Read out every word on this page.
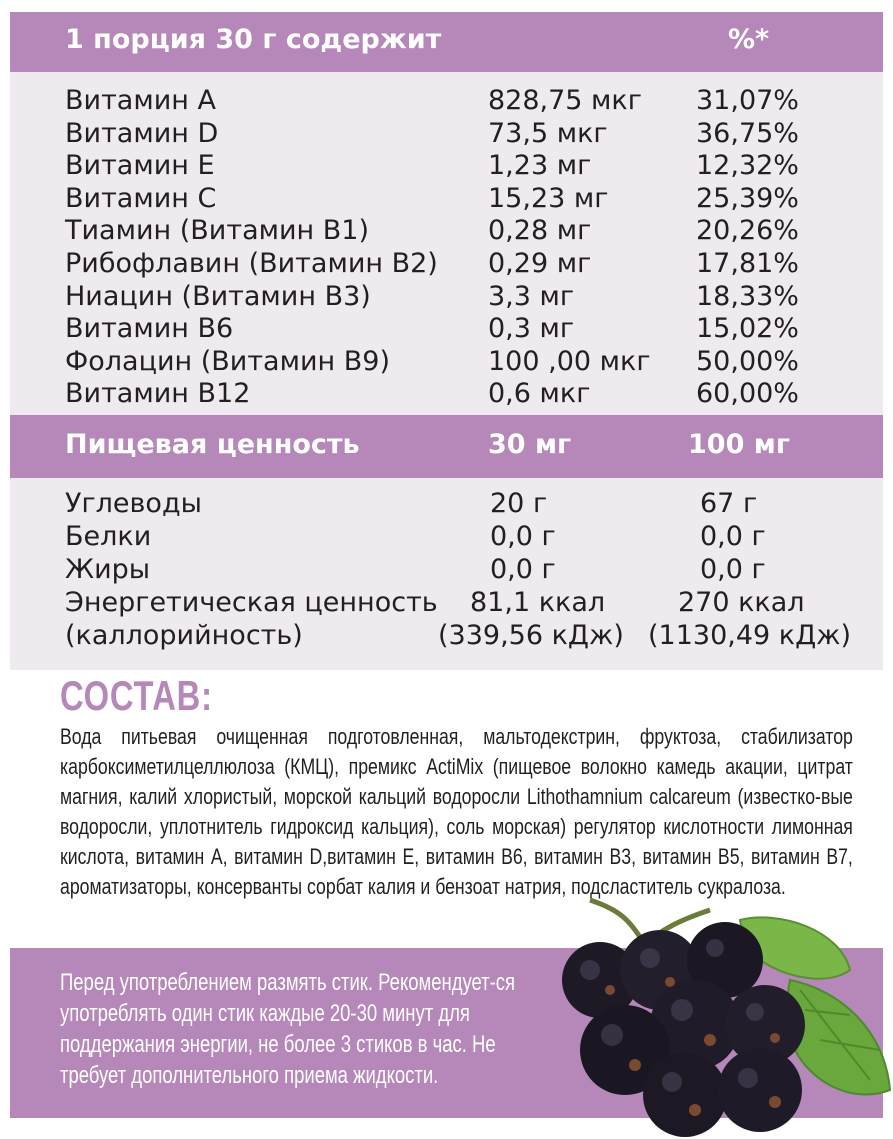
1 порция 30 г содержит	%*
Витамин А	828,75 мкг 31,07%
Витамин D	73,5 мкг	36,75%
Витамин E	1,23 мг	12,32%
Витамин С	15,23 мг	25,39%
Тиамин (Витамин В1)	0,28 мг	20,26%
Рибофлавин (Витамин В2) 0,29 мг	17,81%
Ниацин (Витамин В3)	3,3 мг	18,33%
Витамин В6	0,3 мг	15,02%
Фолацин (Витамин В9)	100 ,00 мкг 50,00%
Витамин В12	0,6 мкг	60,00%
Пищевая ценность	30 мг	100 мг
Углеводы	20 г	67 г
Белки	0,0 г	0,0 г
Жиры	0,0 г	0,0 г
Энергетическая ценность 81,1 ккал	270 ккал
(каллорийность)	(339,56 кДж) (1130,49 кДж)
СОСТАВ:
Вода питьевая очищенная подготовленная, мальтодекстрин, фруктоза, стабилизатор карбоксиметилцеллюлоза (КМЦ), премикс ActiMix (пищевое волокно камедь акации, цитрат магния, калий хлористый, морской кальций водоросли Lithothamnium calcareum (известко-вые водоросли, уплотнитель гидроксид кальция), соль морская) регулятор кислотности лимонная кислота, витамин А, витамин D,витамин Е, витамин В6, витамин В3, витамин В5, витамин В7, ароматизаторы, консерванты сорбат калия и бензоат натрия, подсластитель сукралоза.
Перед употреблением размять стик. Рекомендует-ся употреблять один стик каждые 20-30 минут для поддержания энергии, не более 3 стиков в час. Не требует дополнительного приема жидкости.
